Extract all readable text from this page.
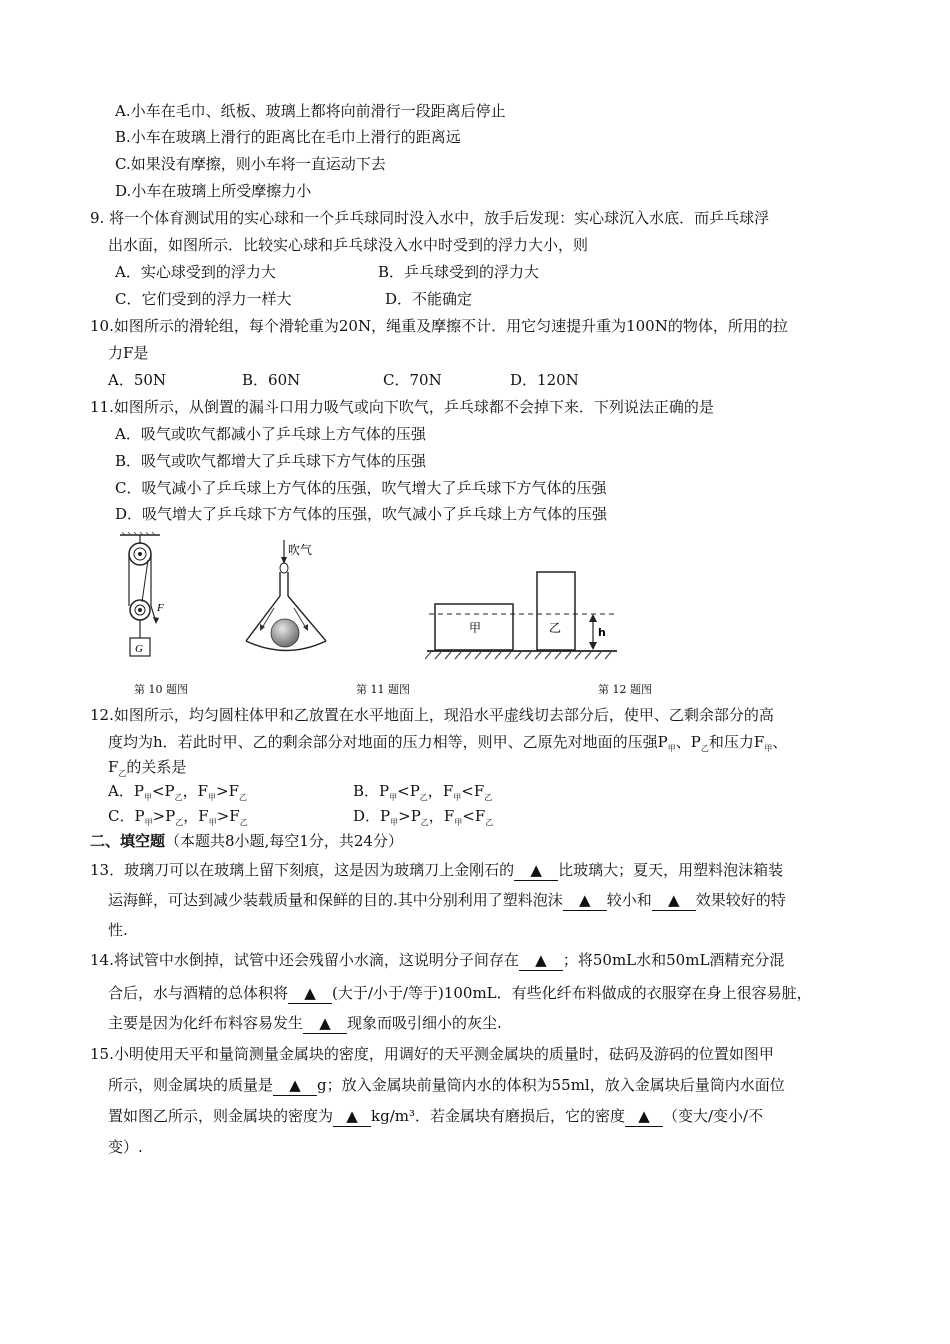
A.小车在毛巾、纸板、玻璃上都将向前滑行一段距离后停止
B.小车在玻璃上滑行的距离比在毛巾上滑行的距离远
C.如果没有摩擦，则小车将一直运动下去
D.小车在玻璃上所受摩擦力小
9. 将一个体育测试用的实心球和一个乒乓球同时没入水中，放手后发现：实心球沉入水底．而乒乓球浮
出水面，如图所示．比较实心球和乒乓球没入水中时受到的浮力大小，则
A．实心球受到的浮力大	B．乒乓球受到的浮力大
C．它们受到的浮力一样大	D．不能确定
10.如图所示的滑轮组，每个滑轮重为20N，绳重及摩擦不计．用它匀速提升重为100N的物体，所用的拉
力F是
A．50N	B．60N	C．70N	D．120N
11.如图所示，从倒置的漏斗口用力吸气或向下吹气，乒乓球都不会掉下来．下列说法正确的是
A．吸气或吹气都减小了乒乓球上方气体的压强
B．吸气或吹气都增大了乒乓球下方气体的压强
C．吸气减小了乒乓球上方气体的压强，吹气增大了乒乓球下方气体的压强
D．吸气增大了乒乓球下方气体的压强，吹气减小了乒乓球上方气体的压强
F
G
吹气
甲	乙	h
第 10 题图	第 11 题图	第 12 题图
12.如图所示，均匀圆柱体甲和乙放置在水平地面上，现沿水平虚线切去部分后，使甲、乙剩余部分的高
度均为h．若此时甲、乙的剩余部分对地面的压力相等，则甲、乙原先对地面的压强$P_甲$、$P_乙$和压力$F_甲$、
$F_乙$的关系是
A．$P_甲<P_乙$，$F_甲>F_乙$	B．$P_甲<P_乙$，$F_甲<F_乙$
C．$P_甲>P_乙$，$F_甲>F_乙$	D．$P_甲>P_乙$，$F_甲<F_乙$
二、填空题（本题共8小题,每空1分，共24分）
13．玻璃刀可以在玻璃上留下刻痕，这是因为玻璃刀上金刚石的 ▲ 比玻璃大；夏天，用塑料泡沫箱装
运海鲜，可达到减少装载质量和保鲜的目的.其中分别利用了塑料泡沫 ▲ 较小和 ▲ 效果较好的特
性.
14.将试管中水倒掉，试管中还会残留小水滴，这说明分子间存在 ▲ ；将50mL水和50mL酒精充分混
合后，水与酒精的总体积将 ▲ (大于/小于/等于)100mL．有些化纤布料做成的衣服穿在身上很容易脏，
主要是因为化纤布料容易发生 ▲ 现象而吸引细小的灰尘.
15.小明使用天平和量筒测量金属块的密度，用调好的天平测金属块的质量时，砝码及游码的位置如图甲
所示，则金属块的质量是 ▲ g；放入金属块前量筒内水的体积为55ml，放入金属块后量筒内水面位
置如图乙所示，则金属块的密度为 ▲ kg/m³．若金属块有磨损后，它的密度 ▲ （变大/变小/不
变）.
